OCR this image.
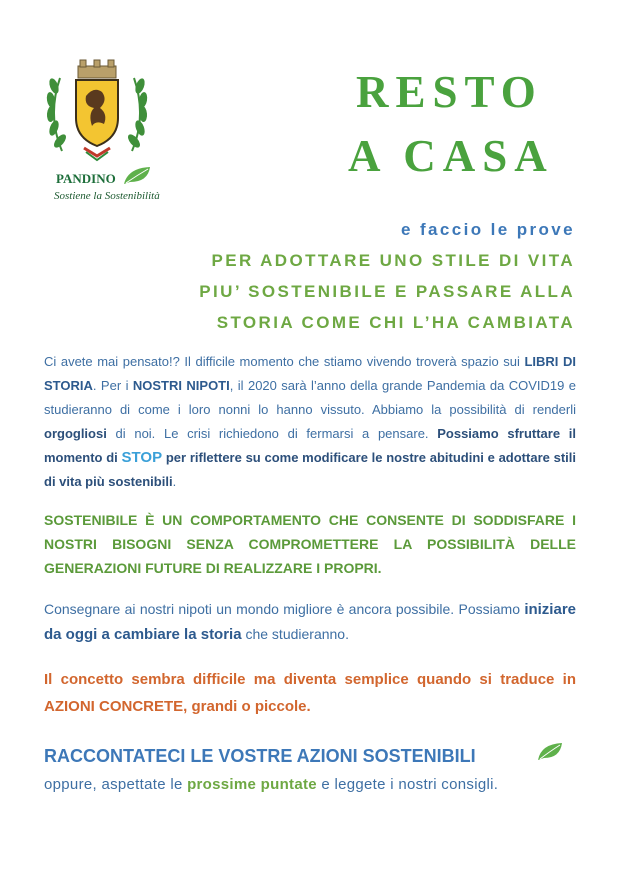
PANDINO
Sostiene la Sostenibilità
RESTO
A CASA
e faccio le prove
PER ADOTTARE UNO STILE DI VITA
PIU’ SOSTENIBILE E PASSARE ALLA
STORIA COME CHI L’HA CAMBIATA
Ci avete mai pensato!? Il difficile momento che stiamo vivendo troverà spazio sui LIBRI DI STORIA. Per i NOSTRI NIPOTI, il 2020 sarà l’anno della grande Pandemia da COVID19 e studieranno di come i loro nonni lo hanno vissuto. Abbiamo la possibilità di renderli orgogliosi di noi. Le crisi richiedono di fermarsi a pensare. Possiamo sfruttare il momento di STOP per riflettere su come modificare le nostre abitudini e adottare stili di vita più sostenibili.
SOSTENIBILE È UN COMPORTAMENTO CHE CONSENTE DI SODDISFARE I NOSTRI BISOGNI SENZA COMPROMETTERE LA POSSIBILITÀ DELLE GENERAZIONI FUTURE DI REALIZZARE I PROPRI.
Consegnare ai nostri nipoti un mondo migliore è ancora possibile. Possiamo iniziare da oggi a cambiare la storia che studieranno.
Il concetto sembra difficile ma diventa semplice quando si traduce in AZIONI CONCRETE, grandi o piccole.
RACCONTATECI LE VOSTRE AZIONI SOSTENIBILI
oppure, aspettate le prossime puntate e leggete i nostri consigli.
